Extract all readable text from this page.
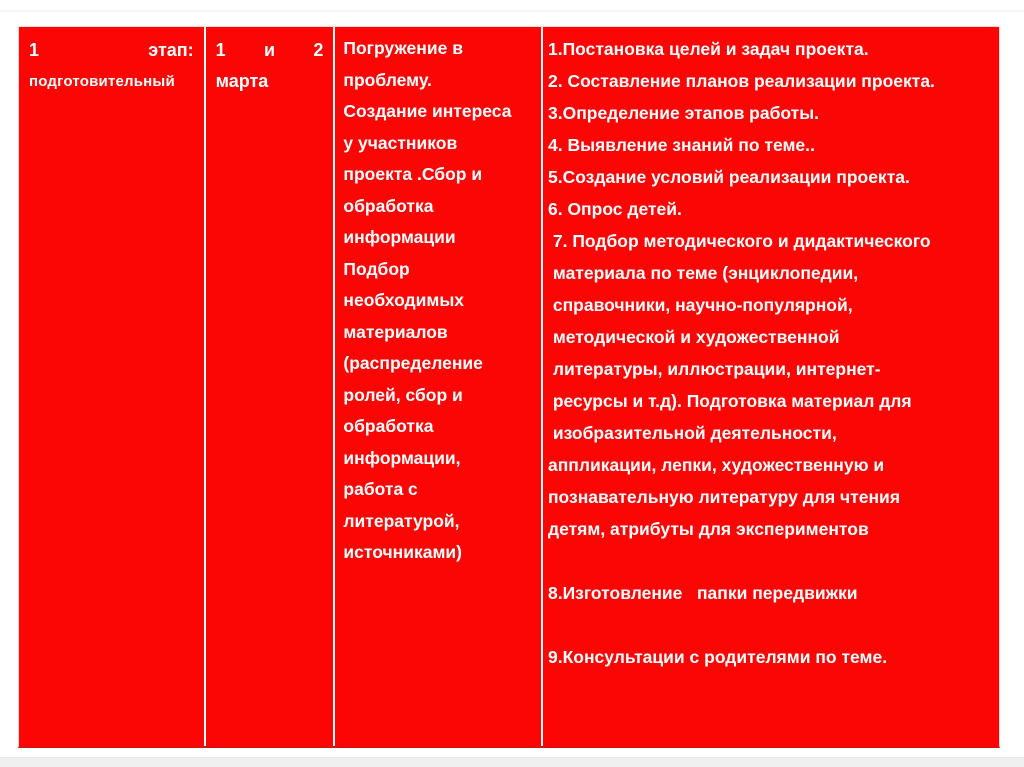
1	этап:
подготовительный
1 и 2
марта
Погружение в
проблему.
Создание интереса
у участников
проекта .Сбор и
обработка
информации
Подбор
необходимых
материалов
(распределение
ролей, сбор и
обработка
информации,
работа с
литературой,
источниками)
1.Постановка целей и задач проекта.
2. Составление планов реализации проекта.
3.Определение этапов работы.
4. Выявление знаний по теме..
5.Создание условий реализации проекта.
6. Опрос детей.
7. Подбор методического и дидактического
материала по теме (энциклопедии,
справочники, научно-популярной,
методической и художественной
литературы, иллюстрации, интернет-
ресурсы и т.д). Подготовка материал для
изобразительной деятельности,
аппликации, лепки, художественную и
познавательную литературу для чтения
детям, атрибуты для экспериментов

8.Изготовление   папки передвижки

9.Консультации с родителями по теме.
